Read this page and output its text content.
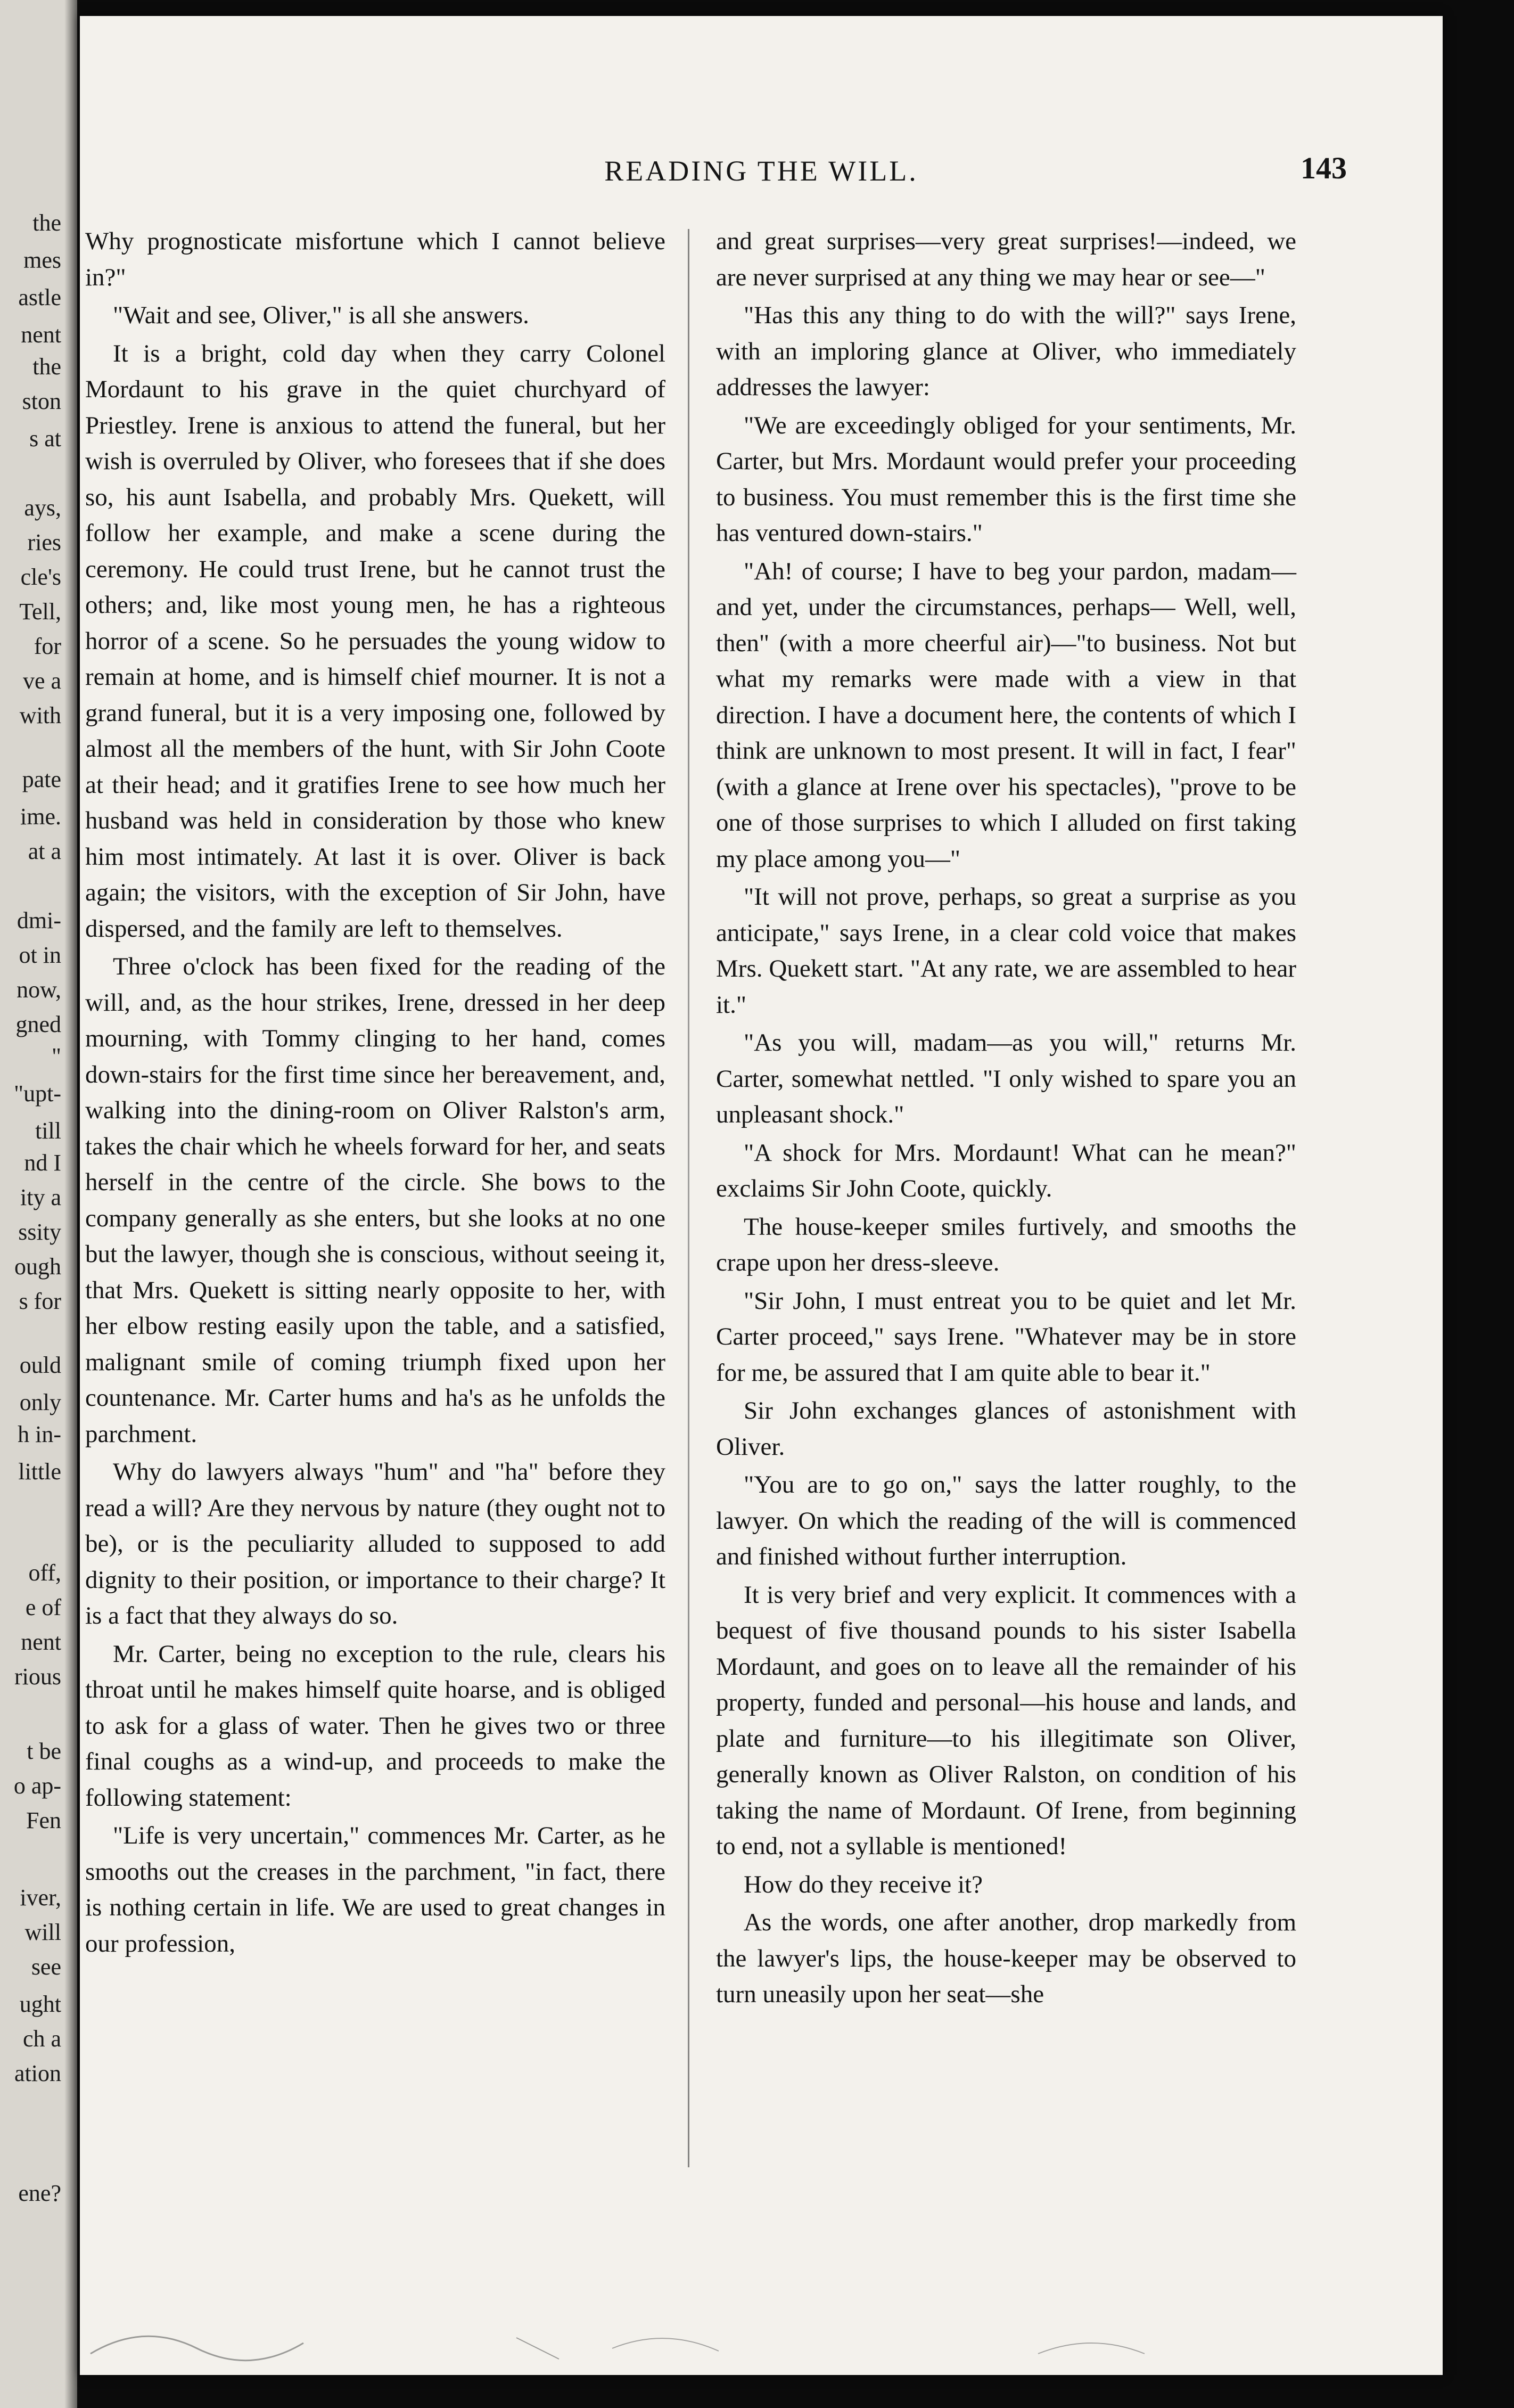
the
mes
astle
nent
the
ston
s at
ays,
ries
cle's
Tell,
for
ve a
with
pate
ime.
at a
dmi-
ot in
now,
gned
"
"upt-
till
nd I
ity a
ssity
ough
s for
ould
only
h in-
little
off,
e of
nent
rious
t be
o ap-
Fen
iver,
will
see
ught
ch a
ation
ene?
READING THE WILL.	143

Why prognosticate misfortune which I cannot believe in?"

"Wait and see, Oliver," is all she answers.

It is a bright, cold day when they carry Colonel Mordaunt to his grave in the quiet churchyard of Priestley. Irene is anxious to attend the funeral, but her wish is overruled by Oliver, who foresees that if she does so, his aunt Isabella, and probably Mrs. Quekett, will follow her example, and make a scene during the ceremony. He could trust Irene, but he cannot trust the others; and, like most young men, he has a righteous horror of a scene. So he persuades the young widow to remain at home, and is himself chief mourner. It is not a grand funeral, but it is a very imposing one, followed by almost all the members of the hunt, with Sir John Coote at their head; and it gratifies Irene to see how much her husband was held in consideration by those who knew him most intimately. At last it is over. Oliver is back again; the visitors, with the exception of Sir John, have dispersed, and the family are left to themselves.

Three o'clock has been fixed for the reading of the will, and, as the hour strikes, Irene, dressed in her deep mourning, with Tommy clinging to her hand, comes down-stairs for the first time since her bereavement, and, walking into the dining-room on Oliver Ralston's arm, takes the chair which he wheels forward for her, and seats herself in the centre of the circle. She bows to the company generally as she enters, but she looks at no one but the lawyer, though she is conscious, without seeing it, that Mrs. Quekett is sitting nearly opposite to her, with her elbow resting easily upon the table, and a satisfied, malignant smile of coming triumph fixed upon her countenance. Mr. Carter hums and ha's as he unfolds the parchment.

Why do lawyers always "hum" and "ha" before they read a will? Are they nervous by nature (they ought not to be), or is the peculiarity alluded to supposed to add dignity to their position, or importance to their charge? It is a fact that they always do so.

Mr. Carter, being no exception to the rule, clears his throat until he makes himself quite hoarse, and is obliged to ask for a glass of water. Then he gives two or three final coughs as a wind-up, and proceeds to make the following statement:

"Life is very uncertain," commences Mr. Carter, as he smooths out the creases in the parchment, "in fact, there is nothing certain in life. We are used to great changes in our profession,

and great surprises—very great surprises!—indeed, we are never surprised at any thing we may hear or see—"

"Has this any thing to do with the will?" says Irene, with an imploring glance at Oliver, who immediately addresses the lawyer:

"We are exceedingly obliged for your sentiments, Mr. Carter, but Mrs. Mordaunt would prefer your proceeding to business. You must remember this is the first time she has ventured down-stairs."

"Ah! of course; I have to beg your pardon, madam—and yet, under the circumstances, perhaps— Well, well, then" (with a more cheerful air)—"to business. Not but what my remarks were made with a view in that direction. I have a document here, the contents of which I think are unknown to most present. It will in fact, I fear" (with a glance at Irene over his spectacles), "prove to be one of those surprises to which I alluded on first taking my place among you—"

"It will not prove, perhaps, so great a surprise as you anticipate," says Irene, in a clear cold voice that makes Mrs. Quekett start. "At any rate, we are assembled to hear it."

"As you will, madam—as you will," returns Mr. Carter, somewhat nettled. "I only wished to spare you an unpleasant shock."

"A shock for Mrs. Mordaunt! What can he mean?" exclaims Sir John Coote, quickly.

The house-keeper smiles furtively, and smooths the crape upon her dress-sleeve.

"Sir John, I must entreat you to be quiet and let Mr. Carter proceed," says Irene. "Whatever may be in store for me, be assured that I am quite able to bear it."

Sir John exchanges glances of astonishment with Oliver.

"You are to go on," says the latter roughly, to the lawyer. On which the reading of the will is commenced and finished without further interruption.

It is very brief and very explicit. It commences with a bequest of five thousand pounds to his sister Isabella Mordaunt, and goes on to leave all the remainder of his property, funded and personal—his house and lands, and plate and furniture—to his illegitimate son Oliver, generally known as Oliver Ralston, on condition of his taking the name of Mordaunt. Of Irene, from beginning to end, not a syllable is mentioned!

How do they receive it?

As the words, one after another, drop markedly from the lawyer's lips, the house-keeper may be observed to turn uneasily upon her seat—she
